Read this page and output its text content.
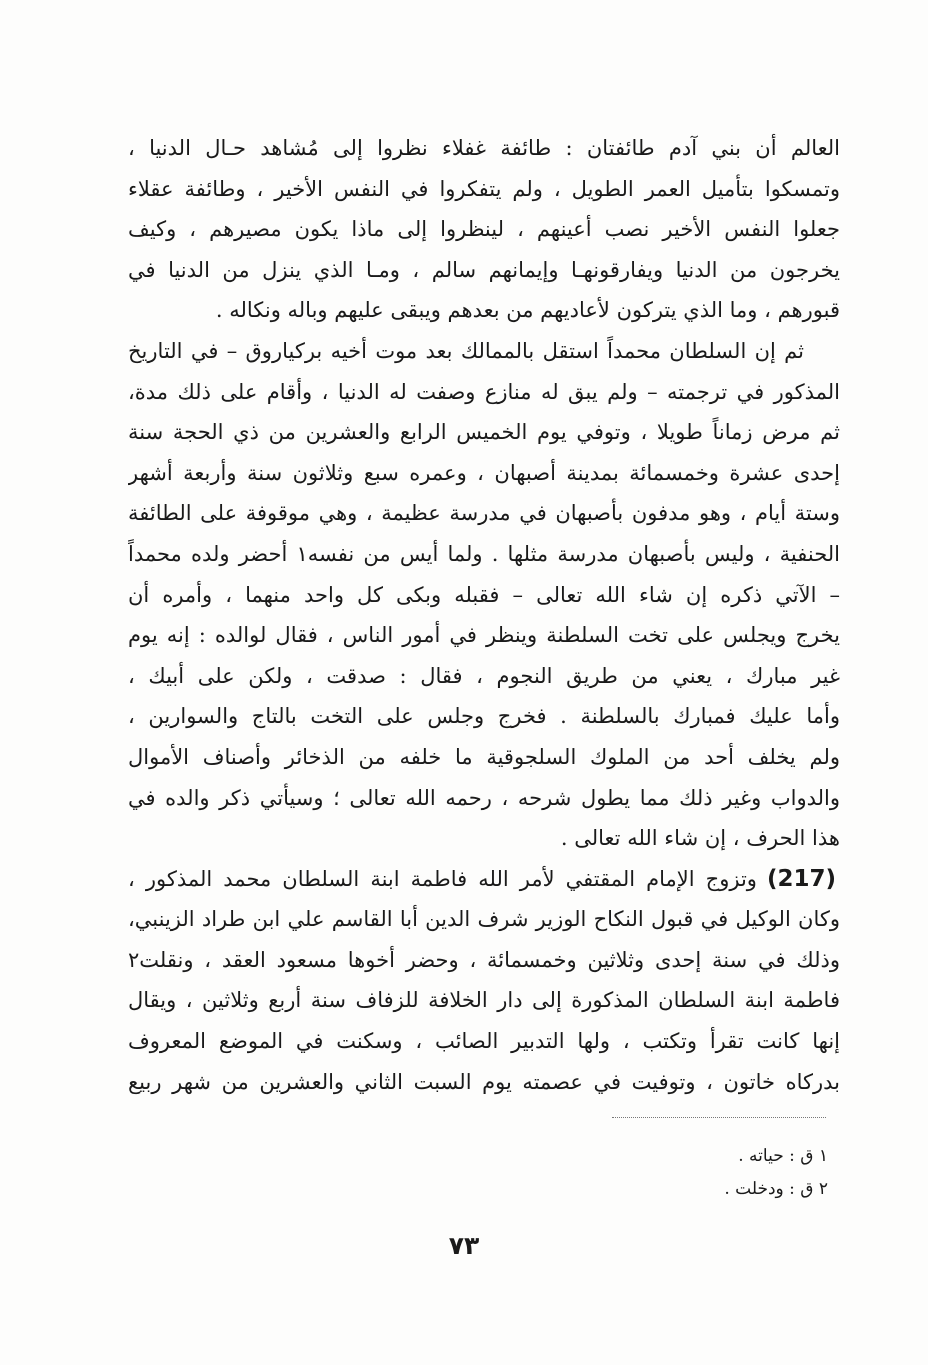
العالم أن بني آدم طائفتان : طائفة غفلاء نظروا إلى مُشاهد حـال الدنيا ،
وتمسكوا بتأميل العمر الطويل ، ولم يتفكروا في النفس الأخير ، وطائفة عقلاء
جعلوا النفس الأخير نصب أعينهم ، لينظروا إلى ماذا يكون مصيرهم ، وكيف
يخرجون من الدنيا ويفارقونهـا وإيمانهم سالم ، ومـا الذي ينزل من الدنيا في
قبورهم ، وما الذي يتركون لأعاديهم من بعدهم ويبقى عليهم وباله ونكاله .
ثم إن السلطان محمداً استقل بالممالك بعد موت أخيه بركياروق – في التاريخ
المذكور في ترجمته – ولم يبق له منازع وصفت له الدنيا ، وأقام على ذلك مدة،
ثم مرض زماناً طويلا ، وتوفي يوم الخميس الرابع والعشرين من ذي الحجة سنة
إحدى عشرة وخمسمائة بمدينة أصبهان ، وعمره سبع وثلاثون سنة وأربعة أشهر
وستة أيام ، وهو مدفون بأصبهان في مدرسة عظيمة ، وهي موقوفة على الطائفة
الحنفية ، وليس بأصبهان مدرسة مثلها . ولما أيس من نفسه١ أحضر ولده محمداً
– الآتي ذكره إن شاء الله تعالى – فقبله وبكى كل واحد منهما ، وأمره أن
يخرج ويجلس على تخت السلطنة وينظر في أمور الناس ، فقال لوالده : إنه يوم
غير مبارك ، يعني من طريق النجوم ، فقال : صدقت ، ولكن على أبيك ،
وأما عليك فمبارك بالسلطنة . فخرج وجلس على التخت بالتاج والسوارين ،
ولم يخلف أحد من الملوك السلجوقية ما خلفه من الذخائر وأصناف الأموال
والدواب وغير ذلك مما يطول شرحه ، رحمه الله تعالى ؛ وسيأتي ذكر والده في
هذا الحرف ، إن شاء الله تعالى .
(217)وتزوج الإمام المقتفي لأمر الله فاطمة ابنة السلطان محمد المذكور ،
وكان الوكيل في قبول النكاح الوزير شرف الدين أبا القاسم علي ابن طراد الزينبي،
وذلك في سنة إحدى وثلاثين وخمسمائة ، وحضر أخوها مسعود العقد ، ونقلت٢
فاطمة ابنة السلطان المذكورة إلى دار الخلافة للزفاف سنة أربع وثلاثين ، ويقال
إنها كانت تقرأ وتكتب ، ولها التدبير الصائب ، وسكنت في الموضع المعروف
بدركاه خاتون ، وتوفيت في عصمته يوم السبت الثاني والعشرين من شهر ربيع
١ ق : حياته .
٢ ق : ودخلت .
٧٣
